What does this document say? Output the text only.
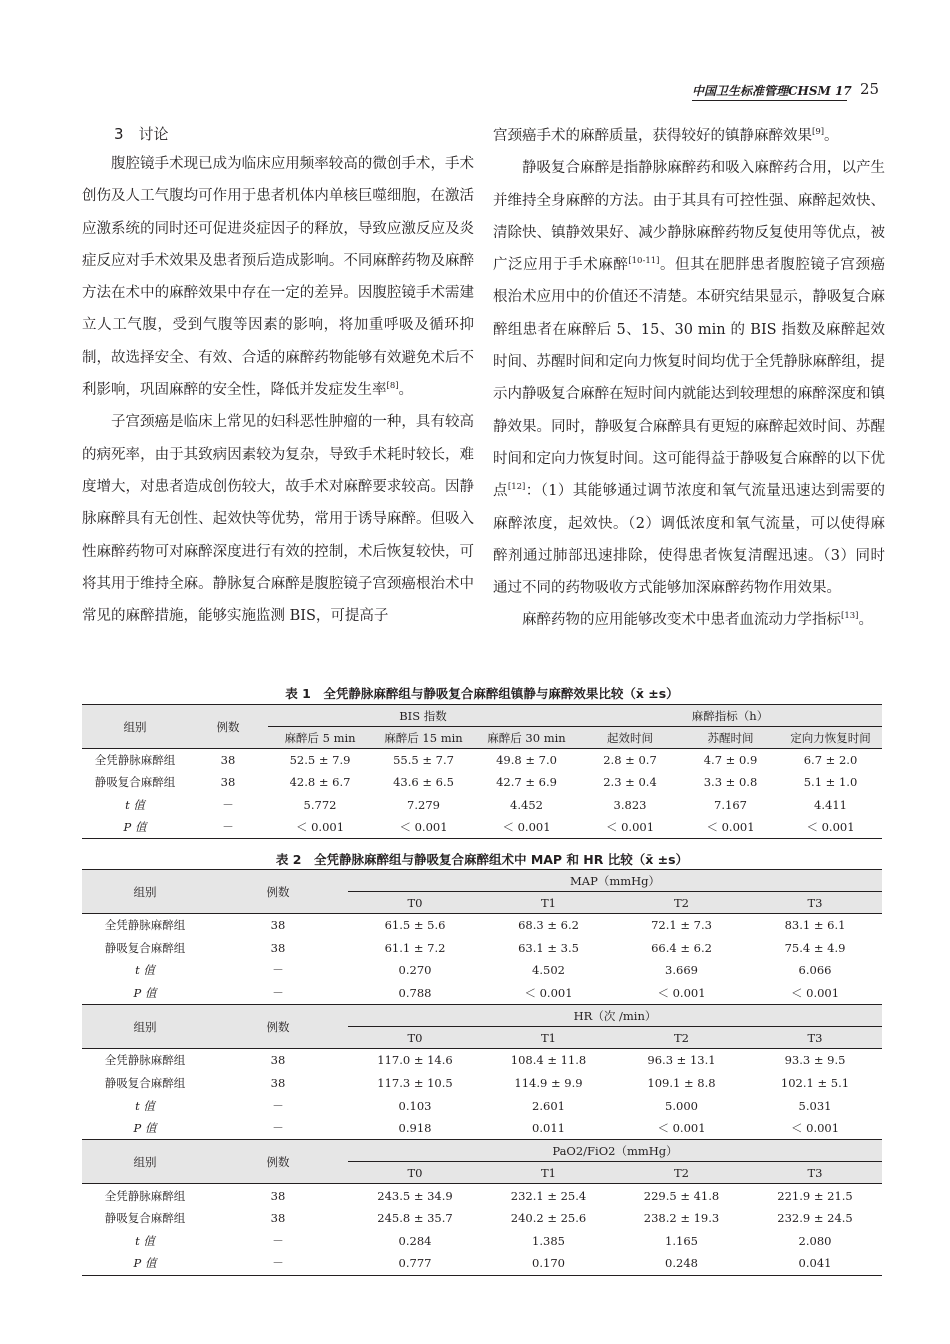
中国卫生标准管理CHSM 17 25
3　讨论

腹腔镜手术现已成为临床应用频率较高的微创手术，手术创伤及人工气腹均可作用于患者机体内单核巨噬细胞，在激活应激系统的同时还可促进炎症因子的释放，导致应激反应及炎症反应对手术效果及患者预后造成影响。不同麻醉药物及麻醉方法在术中的麻醉效果中存在一定的差异。因腹腔镜手术需建立人工气腹，受到气腹等因素的影响，将加重呼吸及循环抑制，故选择安全、有效、合适的麻醉药物能够有效避免术后不利影响，巩固麻醉的安全性，降低并发症发生率[8]。

子宫颈癌是临床上常见的妇科恶性肿瘤的一种，具有较高的病死率，由于其致病因素较为复杂，导致手术耗时较长，难度增大，对患者造成创伤较大，故手术对麻醉要求较高。因静脉麻醉具有无创性、起效快等优势，常用于诱导麻醉。但吸入性麻醉药物可对麻醉深度进行有效的控制，术后恢复较快，可将其用于维持全麻。静脉复合麻醉是腹腔镜子宫颈癌根治术中常见的麻醉措施，能够实施监测 BIS，可提高子

宫颈癌手术的麻醉质量，获得较好的镇静麻醉效果[9]。

静吸复合麻醉是指静脉麻醉药和吸入麻醉药合用，以产生并维持全身麻醉的方法。由于其具有可控性强、麻醉起效快、清除快、镇静效果好、减少静脉麻醉药物反复使用等优点，被广泛应用于手术麻醉[10-11]。但其在肥胖患者腹腔镜子宫颈癌根治术应用中的价值还不清楚。本研究结果显示，静吸复合麻醉组患者在麻醉后 5、15、30 min 的 BIS 指数及麻醉起效时间、苏醒时间和定向力恢复时间均优于全凭静脉麻醉组，提示内静吸复合麻醉在短时间内就能达到较理想的麻醉深度和镇静效果。同时，静吸复合麻醉具有更短的麻醉起效时间、苏醒时间和定向力恢复时间。这可能得益于静吸复合麻醉的以下优点[12]：（1）其能够通过调节浓度和氧气流量迅速达到需要的麻醉浓度，起效快。（2）调低浓度和氧气流量，可以使得麻醉剂通过肺部迅速排除，使得患者恢复清醒迅速。（3）同时通过不同的药物吸收方式能够加深麻醉药物作用效果。

麻醉药物的应用能够改变术中患者血流动力学指标[13]。

表 1　全凭静脉麻醉组与静吸复合麻醉组镇静与麻醉效果比较（x̄ ±s）
组别	例数	BIS 指数			麻醉指标（h）		
		麻醉后 5 min	麻醉后 15 min	麻醉后 30 min	起效时间	苏醒时间	定向力恢复时间
全凭静脉麻醉组	38	52.5 ± 7.9	55.5 ± 7.7	49.8 ± 7.0	2.8 ± 0.7	4.7 ± 0.9	6.7 ± 2.0
静吸复合麻醉组	38	42.8 ± 6.7	43.6 ± 6.5	42.7 ± 6.9	2.3 ± 0.4	3.3 ± 0.8	5.1 ± 1.0
t 值	－	5.772	7.279	4.452	3.823	7.167	4.411
P 值	－	＜ 0.001	＜ 0.001	＜ 0.001	＜ 0.001	＜ 0.001	＜ 0.001
表 2　全凭静脉麻醉组与静吸复合麻醉组术中 MAP 和 HR 比较（x̄ ±s）
组别	例数	MAP（mmHg）			
		T0	T1	T2	T3
全凭静脉麻醉组	38	61.5 ± 5.6	68.3 ± 6.2	72.1 ± 7.3	83.1 ± 6.1
静吸复合麻醉组	38	61.1 ± 7.2	63.1 ± 3.5	66.4 ± 6.2	75.4 ± 4.9
t 值	－	0.270	4.502	3.669	6.066
P 值	－	0.788	＜ 0.001	＜ 0.001	＜ 0.001
组别	例数	HR（次 /min）			
		T0	T1	T2	T3
全凭静脉麻醉组	38	117.0 ± 14.6	108.4 ± 11.8	96.3 ± 13.1	93.3 ± 9.5
静吸复合麻醉组	38	117.3 ± 10.5	114.9 ± 9.9	109.1 ± 8.8	102.1 ± 5.1
t 值	－	0.103	2.601	5.000	5.031
P 值	－	0.918	0.011	＜ 0.001	＜ 0.001
组别	例数	PaO2/FiO2（mmHg）			
		T0	T1	T2	T3
全凭静脉麻醉组	38	243.5 ± 34.9	232.1 ± 25.4	229.5 ± 41.8	221.9 ± 21.5
静吸复合麻醉组	38	245.8 ± 35.7	240.2 ± 25.6	238.2 ± 19.3	232.9 ± 24.5
t 值	－	0.284	1.385	1.165	2.080
P 值	－	0.777	0.170	0.248	0.041
